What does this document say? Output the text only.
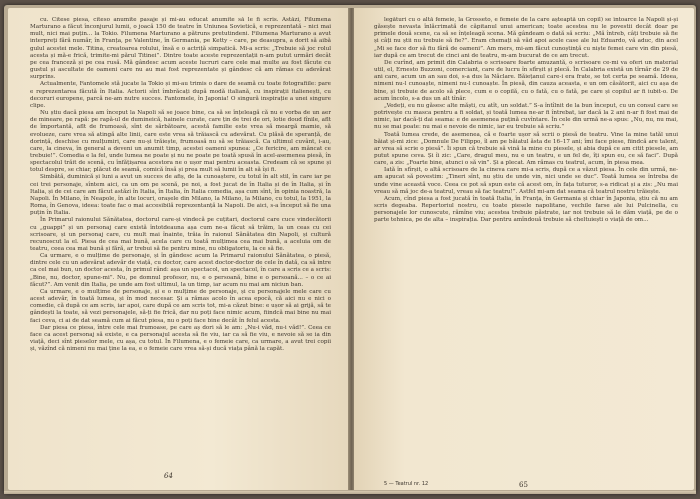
cu. Citese piesa, citeso anumite pasaje și mi-au educat anumite să le fi scris. Astăzi, Filumena Marturano a făcut înconjurul lumii, o joacă 150 de teatre în Uniunea Sovietică, e reprezentată – nici mai mult, nici mai puțin... la Tokio. Filumena Marturano a pătruns pretutindeni. Filumena Marturano a avut interpreți fără număr, în Franța, pe Valentine, în Germania, pe Ketty – care, pe deasupra, a dorit să aibă gulul acestei mele. Titina, creatoarea rolului, însă e o actriță simpatică. Mi-a scris: „Trebuie să joc rolul acesta și mă-e frică, trimite-mi părul Titinei”. Dintre toate aceste reprezentații n-am putut urmări decât pe cea franceză și pe cea rusă. Mă gândesc acum aceste lucruri care cele mai multe au fost făcute cu gustul și ascultate de oameni care nu au mai fost reprezentate și gândesc că am rămas cu adevărat surprins.

Actualmente, Fantomele stă jucate la Tokio și mi-au trimis o dare de seamă cu toate fotografiile: pare e reprezentarea făcută în Italia. Actorii sînt îmbrăcați după modă italiană, cu inspirații italienești, cu decoruri europene, parcă ne-am nutre succes. Fantomele, în Japonia! O singură inspirație a unei singure clipe.

Nu știu dacă piesa am început la Napoli să se joace bine, ca să se înțeleagă că nu e vorba de un aer de mineare, pe rapă: pe rapă-ul de dumineică, hainele curate, care țin de trei de ori, lotie doud fînile, aflt de împortantă, aflt de frumoasă, sînt de sărbătoare, acestă familie este vrea să meargă mamie, să evolueze, care vrea să atingă alte linii, care este vrea să trăiască cu adevărat. Cu plăsă de speranță, de dorință, deschise cu mulțumiri, care nu-și trăiește, frumoasă nu să se trăiască. Ca ultimul cuvânt, i-au, care, la cineva, în general a deveni un anumit timp, acestei oameni spunea: „Ce fericire, am mâncat ce trebuie!”. Comedia e la fel, unde lumea ne poate și nu ne poate pe toată spusă în acel-asemenea piesă, în spectacolul trăit de scenă, cu înfățișarea acestora ne o ușor mai pentru aceasta. Credeam că se spune și totul despre, se chiar, plăcut de seamă, comică însă și prea mult să lumii în alt să își fi.

Simbătă, duminică și luni a avut un succes de afiș, de la cunoaștere, cu totul în alt stil, în care iar pe cei trei personaje, sîntem aici, ca un om pe scenă, pe noi, a fost jucat de în Italia și de în Italia, și în Italia, și de cei care am făcut astăzi în Italia, în Italia, în Italia comedia, așa cum sînt, în opinia noastră, la Napoli. În Milano, în Neapole, în alte locuri, orașele din Milano, la Milano, la Milano, cu totul, la 1951, la Roma, în Genova, ideea: toate fac o mai accesibilă reprezentanță la Napoli. De aici, s-a început să fie una puțin în Italia.

În Primarul raionului Sănătatea, doctorul care-și vindecă pe cuțitari, doctorul care cuce vindecătorii cu „guappi” și un personaj care există întotdeauna așa cum ne-a făcut să trăim, la un ceas cu cei scrisoare, și un personaj care, cu mult mai înainte, trăia în raionul Sănătatea din Napoli, și cultură recunoscut la el. Piesa de cea mai bună, acela care cu toată mulțimea cea mai bună, a aceluia om de teatru, ceea cea mai bună și fără, ar trebui să fie pentru mine, nu obligatoriu, la ce să fie.

Ca urmare, e o mulțime de personaje, și în gândesc acum la Primarul raionului Sănătatea, o piesă, dintre cele cu un adevărat adevăr de viață, cu doctor, care acest doctor-doctor de cele în dată, ca să intre ca cel mai bun, un doctor acesta, în primul rând: așa un spectacol, un spectacol, în care a scris ce a scris: „Bine, nu, doctor, spune-mi”. Nu, pe domnul profesor, nu, e o persoană, bine e o persoană... – o ce ai făcut?”. Am venit din Italia, pe unde am fost ultimul, la un timp, iar acum nu mai am niciun ban.

Ca urmare, e o mulțime de personaje, și e o mulțime de personaje, și cu personajele mele care cu acest adevăr, în toată lumea, și în mod necesar. Și a rămas acolo în acea epocă, că aici nu e nici o comedie, că după ce am scris, iar apoi, care după ce am scris tot, mi-a căzut bine: e ușor să ai grijă, să te gândești la toate, să vezi personajele, să-ți fie frică, dar nu poți face nimic acum, fiindcă mai bine nu mai faci ceva, ci ai de dat seamă cum ai făcut piesa, nu o poți face bine decât în felul acesta.

Dar piesa ce piesa, între cele mai frumoase, pe care aș dori să le am: „Nu-i văd, nu-i văd!”. Ceea ce face ca acest personaj să existe, e ca personajul acesta să fie viu, iar ca să fie viu, e nevoie să se ia din viață, deci sînt pieselor mele, cu așa, cu totul. În Filumena, e o femeie care, ca urmare, a avut trei copii și, văzînd că nimeni nu mai ține la ea, e o femeie care vrea să-și ducă viața până la capăt.

64

legături cu o altă femeie, la Grosseto, e femeie de la care așteaptă un copil) se întoarce la Napoli și-și găsește nevasta înlăcrimată de căpitanul unui american; toate acestea nu le povestii decât doar pe primele două scene, ca să se înțeleagă scena. Mă gândeam o dată să scriu: „Mă întreb, câți trebuie să fie și câți nu știi nu trebuie să fie?”. Eram chemați să văd apoi acele case ale lui Eduardo, vă aduc, din acel „Mi se face dor să fiu fără de oameni”. Am mers, mi-am făcut cunoștință cu niște femei care vin din piesă, iar după ce am trecut de cinci ani de teatru, m-am bucurat de ce am trecut.

De curînd, am primit din Calabria o scrisoare foarte amuzantă, o scrisoare ce-mi va oferi un material util, el, Ernesto Buzzoni, comerciant, care de lucru în sfîrșit și plecă. În Calabria există un tîrnăr de 29 de ani care, acum un an sau doi, s-a dus la Năclare. Băiețanul care-i era frate, se tot certa pe seamă. Ideea, nimeni nu-l cunoaște, nimeni nu-l cunoaște. În piesă, din cauza aceasta, e un om căsătorit, aici cu așa de bine, și trebuie de acolo să plece, cum e o copilă, cu o fată, cu o fată, pe care și copilul ar fi iubit-o. De acum încolo, s-a dus un alt tînăr.

„Vedeți, eu nu găsesc alte măști, cu atît, un soldat.” S-a întîlnit de la bun început, cu un consul care se potrivește cu masca pentru a fi soldat, și toată lumea ne-ar fi întrebat, iar dacă la 2 ani n-ar fi fost mai de nimic, iar dacă-ți dai seama: e de asemenea puțină cuvîntare. În cele din urmă ne-a spus: „Nu, nu, nu mai, nu se mai poate: nu mai e nevoie de nimic, iar eu trebuie să scriu.”

Toată lumea crede, de asemenea, că e foarte ușor să scrii o piesă de teatru. Vine la mine tatăl unui băiat și-mi zice: „Domnule De Filippo, îl am pe băiatul ăsta de 16–17 ani; îmi face piese, fiindcă are talent, ar vrea să scrie o piesă”. Îi spun că trebuie să vină la mine cu piesele, și abia după ce am citit piesele, am putut spune ceva. Și îi zic: „Care, dragul meu, nu e un teatru, e un fel de, îți spun eu, ce să faci”. După care, a zis: „Foarte bine, atunci o să vin”. Și a plecat. Am rămas cu teatrul, acum, în piesa mea.

Iată în sfîrșit, o altă scrisoare de la cineva care mi-a scris, după ce a văzut piesa. În cele din urmă, ne-am apucat să povestim: „Tineri sînt, nu știu de unde vin, nici unde se duc”. Toată lumea se întreba de unde vine această voce. Ceea ce pot să spun este că acest om, în fața tuturor, s-a ridicat și a zis: „Nu mai vreau să mă joc de-a teatrul, vreau să fac teatru!”. Astfel mi-am dat seama că teatrul nostru trăiește.

Acum, cînd piesa a fost jucată în toată Italia, în Franța, în Germania și chiar în Japonia, știu că nu am scris degeaba. Repertoriul nostru, cu toate piesele napolitane, vechile farse ale lui Pulcinella, cu personajele lor cunoscute, rămîne viu; acestea trebuie păstrate, iar noi trebuie să le dăm viață, pe de o parte tehnica, pe de alta – inspirația. Dar pentru amîndouă trebuie să cheltuiești o viață de om...

5 — Teatrul nr. 12	65
